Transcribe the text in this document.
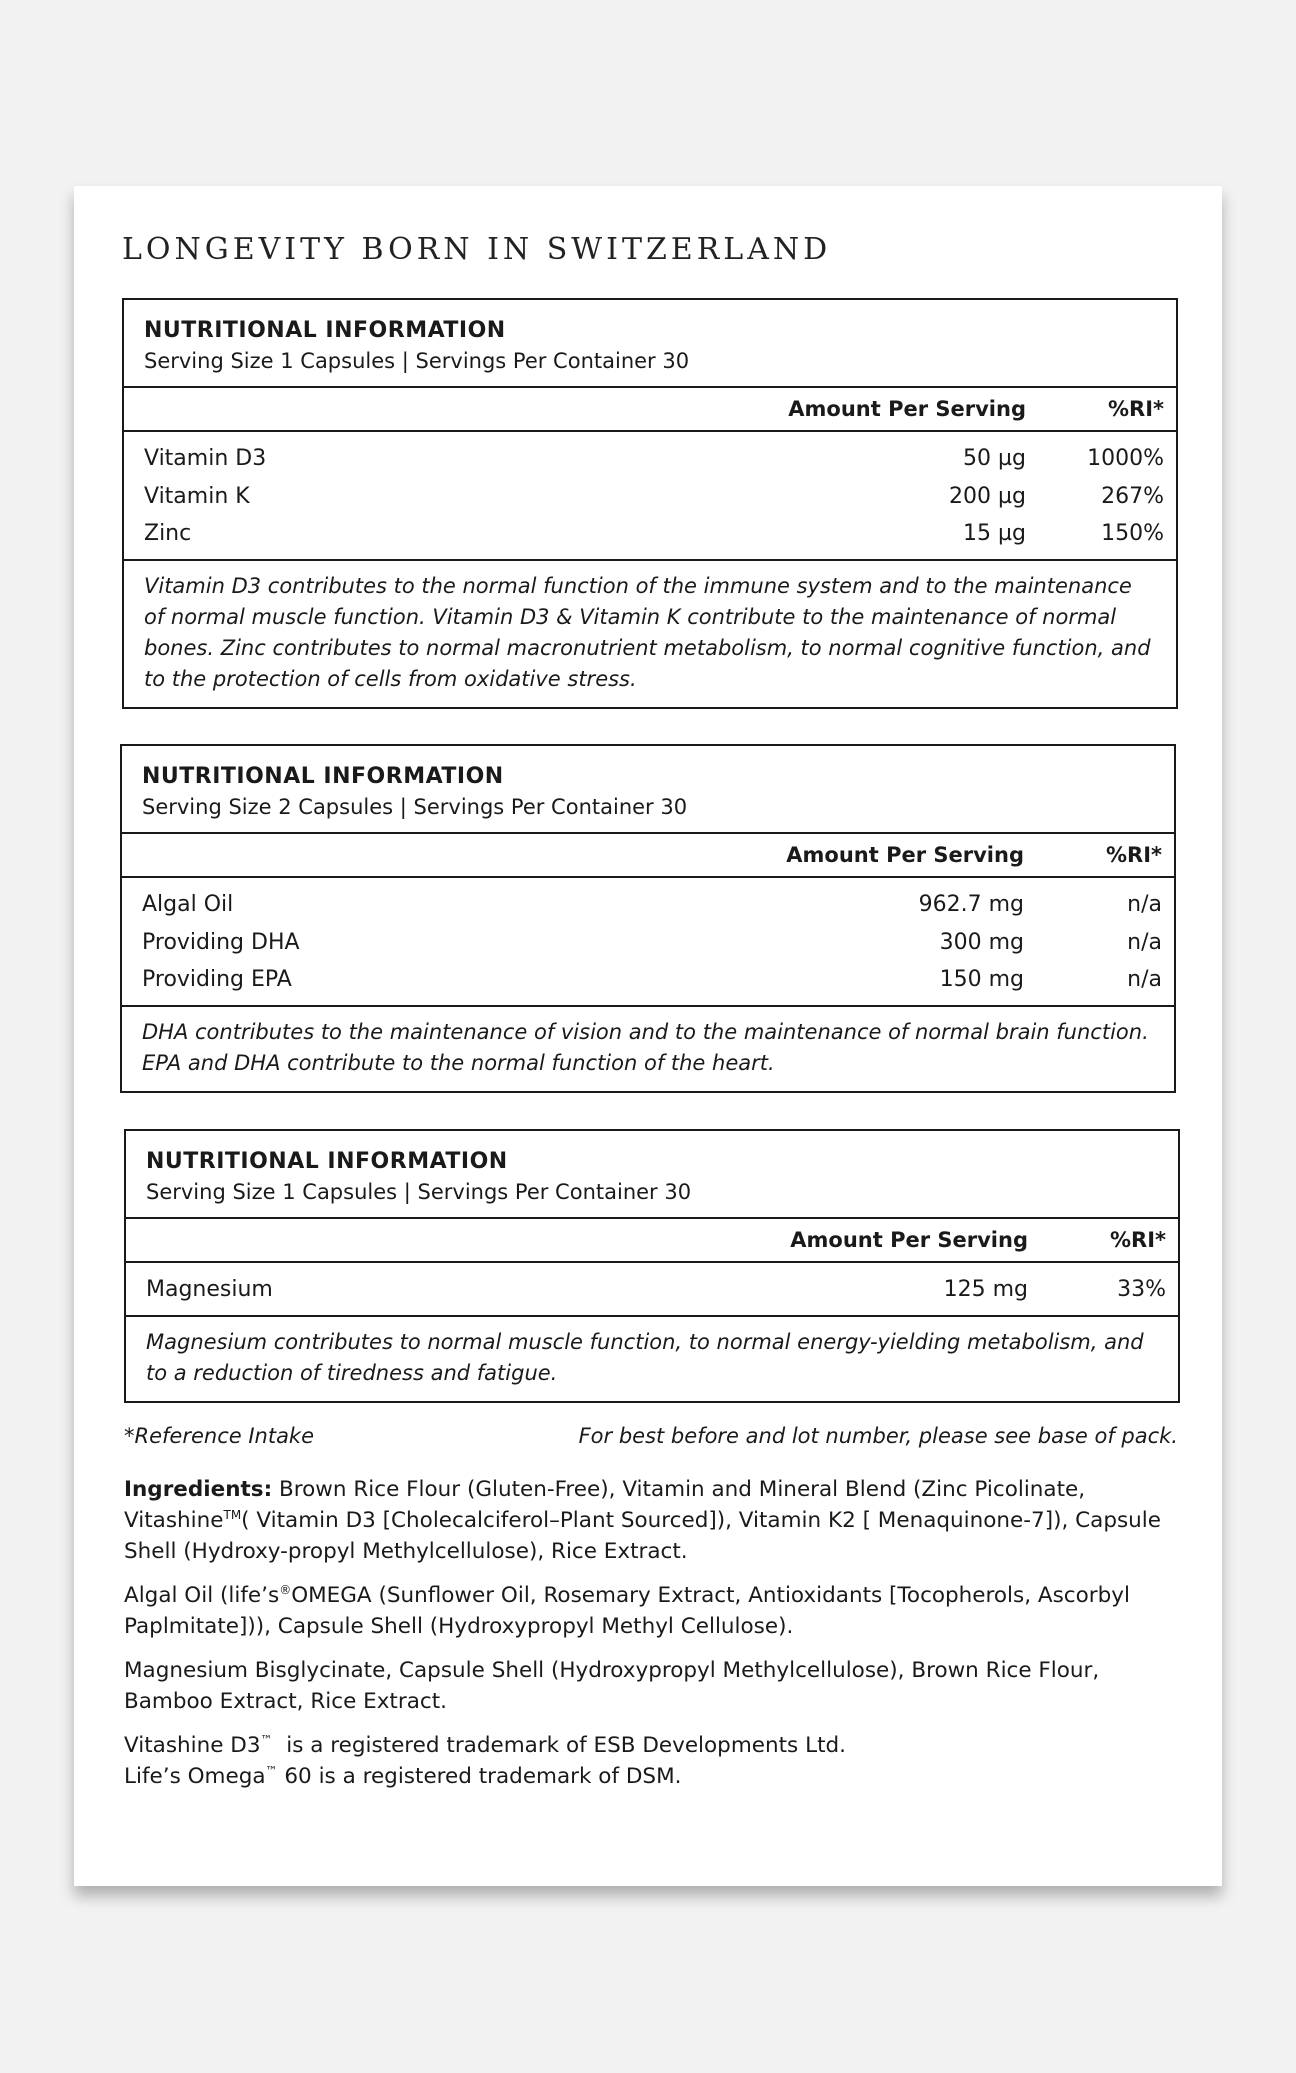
LONGEVITY BORN IN SWITZERLAND
NUTRITIONAL INFORMATION
Serving Size 1 Capsules | Servings Per Container 30
Amount Per Serving	%RI*
Vitamin D3	50 µg	1000%
Vitamin K	200 µg	267%
Zinc	15 µg	150%
Vitamin D3 contributes to the normal function of the immune system and to the maintenance of normal muscle function. Vitamin D3 & Vitamin K contribute to the maintenance of normal bones. Zinc contributes to normal macronutrient metabolism, to normal cognitive function, and to the protection of cells from oxidative stress.
NUTRITIONAL INFORMATION
Serving Size 2 Capsules | Servings Per Container 30
Amount Per Serving	%RI*
Algal Oil	962.7 mg	n/a
Providing DHA	300 mg	n/a
Providing EPA	150 mg	n/a
DHA contributes to the maintenance of vision and to the maintenance of normal brain function. EPA and DHA contribute to the normal function of the heart.
NUTRITIONAL INFORMATION
Serving Size 1 Capsules | Servings Per Container 30
Amount Per Serving	%RI*
Magnesium	125 mg	33%
Magnesium contributes to normal muscle function, to normal energy-yielding metabolism, and to a reduction of tiredness and fatigue.
*Reference Intake	For best before and lot number, please see base of pack.

Ingredients: Brown Rice Flour (Gluten-Free), Vitamin and Mineral Blend (Zinc Picolinate, Vitashine™( Vitamin D3 [Cholecalciferol–Plant Sourced]), Vitamin K2 [ Menaquinone-7]), Capsule Shell (Hydroxy-propyl Methylcellulose), Rice Extract.

Algal Oil (life’s®OMEGA (Sunflower Oil, Rosemary Extract, Antioxidants [Tocopherols, Ascorbyl Paplmitate])), Capsule Shell (Hydroxypropyl Methyl Cellulose).

Magnesium Bisglycinate, Capsule Shell (Hydroxypropyl Methylcellulose), Brown Rice Flour, Bamboo Extract, Rice Extract.

Vitashine D3™  is a registered trademark of ESB Developments Ltd.
Life’s Omega™ 60 is a registered trademark of DSM.
